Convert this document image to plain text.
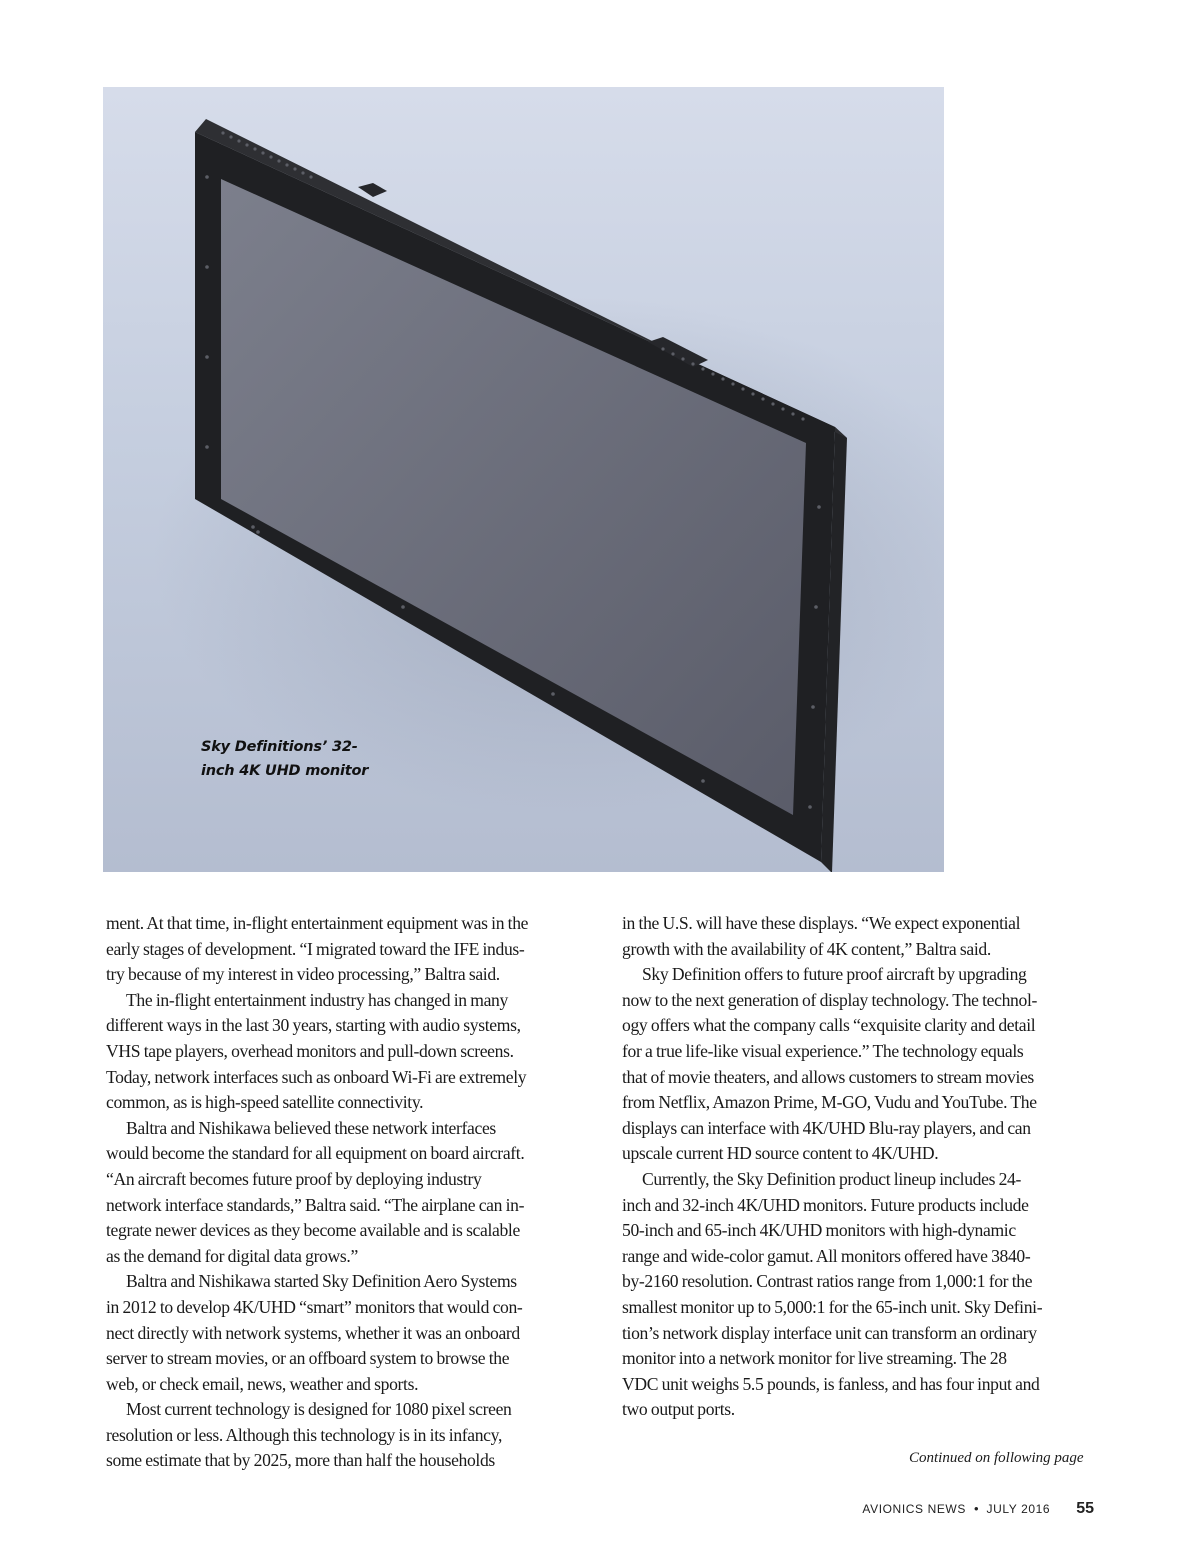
Sky Definitions’ 32-
inch 4K UHD monitor
ment. At that time, in-flight entertainment equipment was in the
early stages of development. “I migrated toward the IFE indus-
try because of my interest in video processing,” Baltra said.
The in-flight entertainment industry has changed in many
different ways in the last 30 years, starting with audio systems,
VHS tape players, overhead monitors and pull-down screens.
Today, network interfaces such as onboard Wi-Fi are extremely
common, as is high-speed satellite connectivity.
Baltra and Nishikawa believed these network interfaces
would become the standard for all equipment on board aircraft.
“An aircraft becomes future proof by deploying industry
network interface standards,” Baltra said. “The airplane can in-
tegrate newer devices as they become available and is scalable
as the demand for digital data grows.”
Baltra and Nishikawa started Sky Definition Aero Systems
in 2012 to develop 4K/UHD “smart” monitors that would con-
nect directly with network systems, whether it was an onboard
server to stream movies, or an offboard system to browse the
web, or check email, news, weather and sports.
Most current technology is designed for 1080 pixel screen
resolution or less. Although this technology is in its infancy,
some estimate that by 2025, more than half the households
in the U.S. will have these displays. “We expect exponential
growth with the availability of 4K content,” Baltra said.
Sky Definition offers to future proof aircraft by upgrading
now to the next generation of display technology. The technol-
ogy offers what the company calls “exquisite clarity and detail
for a true life-like visual experience.” The technology equals
that of movie theaters, and allows customers to stream movies
from Netflix, Amazon Prime, M-GO, Vudu and YouTube. The
displays can interface with 4K/UHD Blu-ray players, and can
upscale current HD source content to 4K/UHD.
Currently, the Sky Definition product lineup includes 24-
inch and 32-inch 4K/UHD monitors. Future products include
50-inch and 65-inch 4K/UHD monitors with high-dynamic
range and wide-color gamut. All monitors offered have 3840-
by-2160 resolution. Contrast ratios range from 1,000:1 for the
smallest monitor up to 5,000:1 for the 65-inch unit. Sky Defini-
tion’s network display interface unit can transform an ordinary
monitor into a network monitor for live streaming. The 28
VDC unit weighs 5.5 pounds, is fanless, and has four input and
two output ports.
Continued on following page
AVIONICS NEWS • JULY 2016 55
